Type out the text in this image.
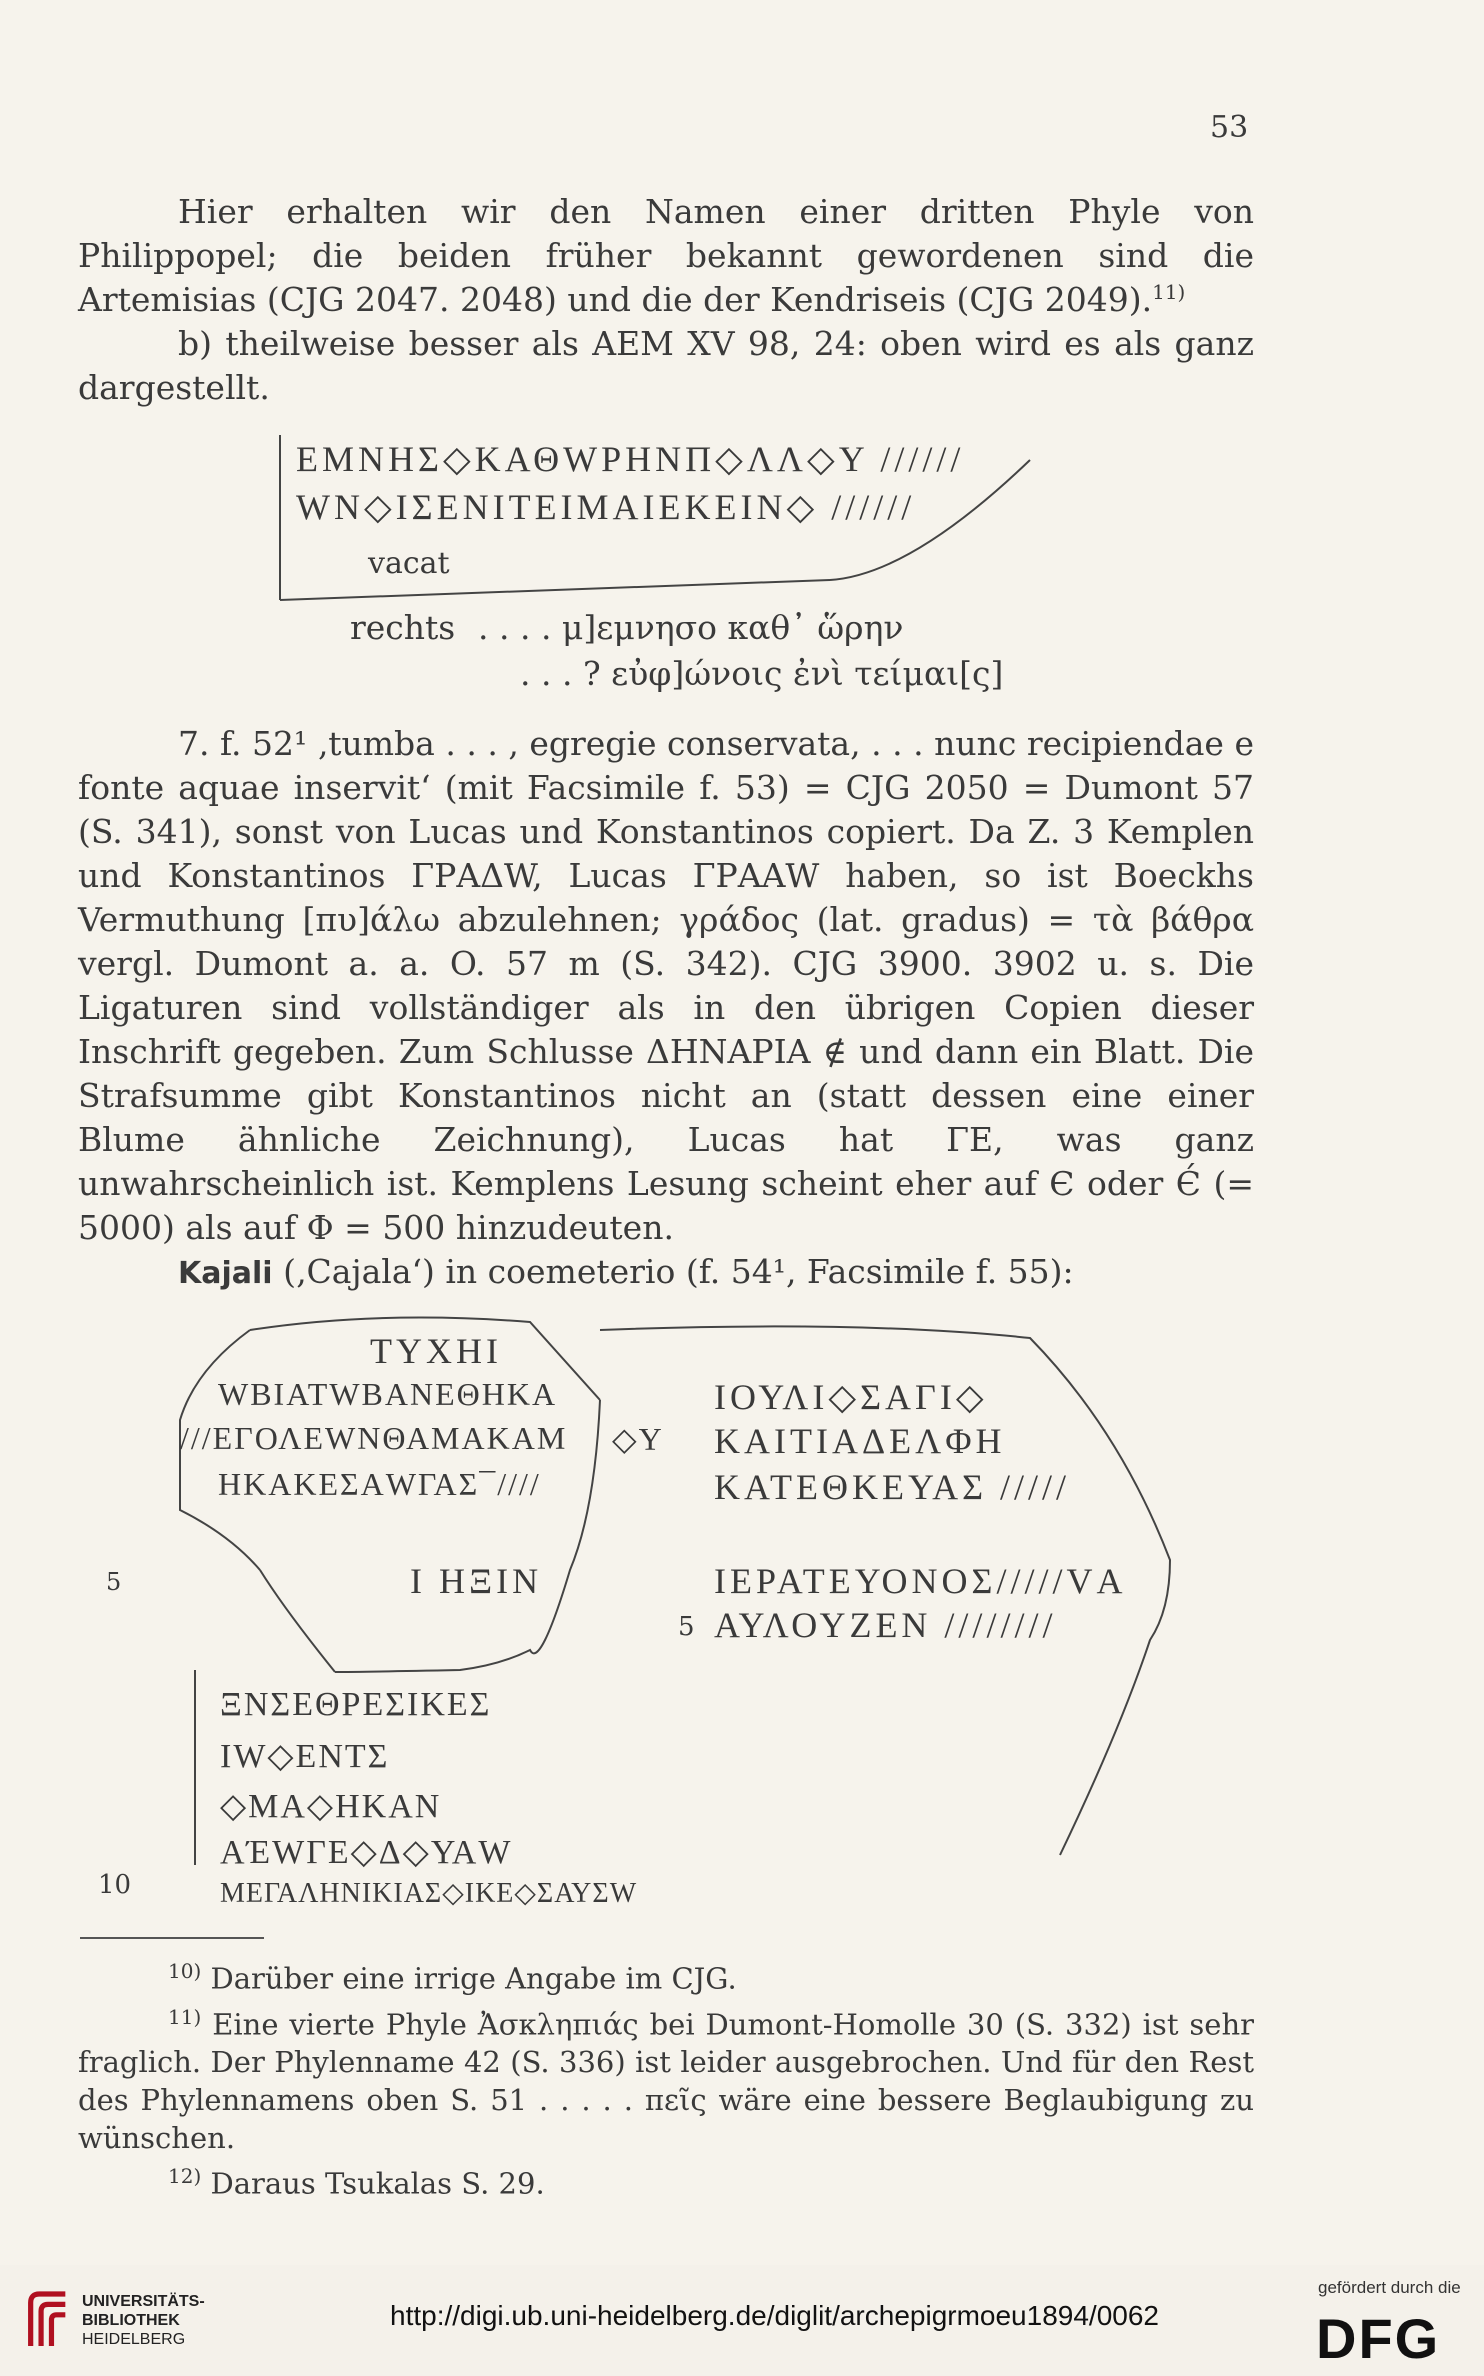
53

Hier erhalten wir den Namen einer dritten Phyle von Philippopel; die beiden früher bekannt gewordenen sind die Artemisias (CJG 2047. 2048) und die der Kendriseis (CJG 2049).$^{11)}$

b) theilweise besser als AEM XV 98, 24: oben wird es als ganz dargestellt.

ΕΜΝΗΣ◇ΚΑΘWΡΗΝΠ◇ΛΛ◇Υ //////
WΝ◇ΙΣΕΝΙΤΕΙΜΑΙΕΚΕΙΝ◇ //////
vacat
rechts . . . . μ]εμνησο καθ᾽ ὥρην
. . . ? εὐφ]ώνοις ἐνὶ τείμαι[ς]

7. f. 52¹ ‚tumba . . . , egregie conservata, . . . nunc recipiendae e fonte aquae inservit‘ (mit Facsimile f. 53) = CJG 2050 = Dumont 57 (S. 341), sonst von Lucas und Konstantinos copiert. Da Z. 3 Kemplen und Konstantinos ΓΡΑΔW, Lucas ΓΡΑΑW haben, so ist Boeckhs Vermuthung [πυ]άλω abzulehnen; γράδος (lat. gradus) = τὰ βάθρα vergl. Dumont a. a. O. 57 m (S. 342). CJG 3900. 3902 u. s. Die Ligaturen sind vollständiger als in den übrigen Copien dieser Inschrift gegeben. Zum Schlusse ΔΗΝΑΡΙΑ ∉ und dann ein Blatt. Die Strafsumme gibt Konstantinos nicht an (statt dessen eine einer Blume ähnliche Zeichnung), Lucas hat ΓΕ, was ganz unwahrscheinlich ist. Kemplens Lesung scheint eher auf Є oder Є́ (= 5000) als auf Φ = 500 hinzudeuten.

Kajali (‚Cajala‘) in coemeterio (f. 54¹, Facsimile f. 55):

ΤΥΧΗΙ
WΒΙΑΤWΒΑΝΕΘΗΚΑ
///ΕΓΟΛΕWΝΘΑΜΑΚΑΜ ◇Υ
ΗΚΑΚΕΣΑWΓΑΣ¯////
Ι ΗΞΙΝ
ΙΟΥΛΙ◇ΣΑΓΙ◇
ΚΑΙΤΙΑΔΕΛΦΗ
ΚΑΤΕΘΚΕΥΑΣ /////
ΙΕΡΑΤΕΥΟΝΟΣ/////VΑ
ΑΥΛΟΥΖΕΝ ////////
5
5
10
ΞΝΣΕΘΡΕΣΙΚΕΣ
ΙW◇ΕΝΤΣ
◇ΜΑ◇ΗΚΑΝ
ΑΈWΓΕ◇Δ◇ΥΑW
ΜΕΓΑΛΗΝΙΚΙΑΣ◇ΙΚΕ◇ΣΑΥΣW

$^{10)}$ Darüber eine irrige Angabe im CJG.

$^{11)}$ Eine vierte Phyle Ἀσκληπιάς bei Dumont-Homolle 30 (S. 332) ist sehr fraglich. Der Phylenname 42 (S. 336) ist leider ausgebrochen. Und für den Rest des Phylennamens oben S. 51 . . . . . πεῖς wäre eine bessere Beglaubigung zu wünschen.

$^{12)}$ Daraus Tsukalas S. 29.

UNIVERSITÄTS-
BIBLIOTHEK
HEIDELBERG
http://digi.ub.uni-heidelberg.de/diglit/archepigrmoeu1894/0062
gefördert durch die
DFG
